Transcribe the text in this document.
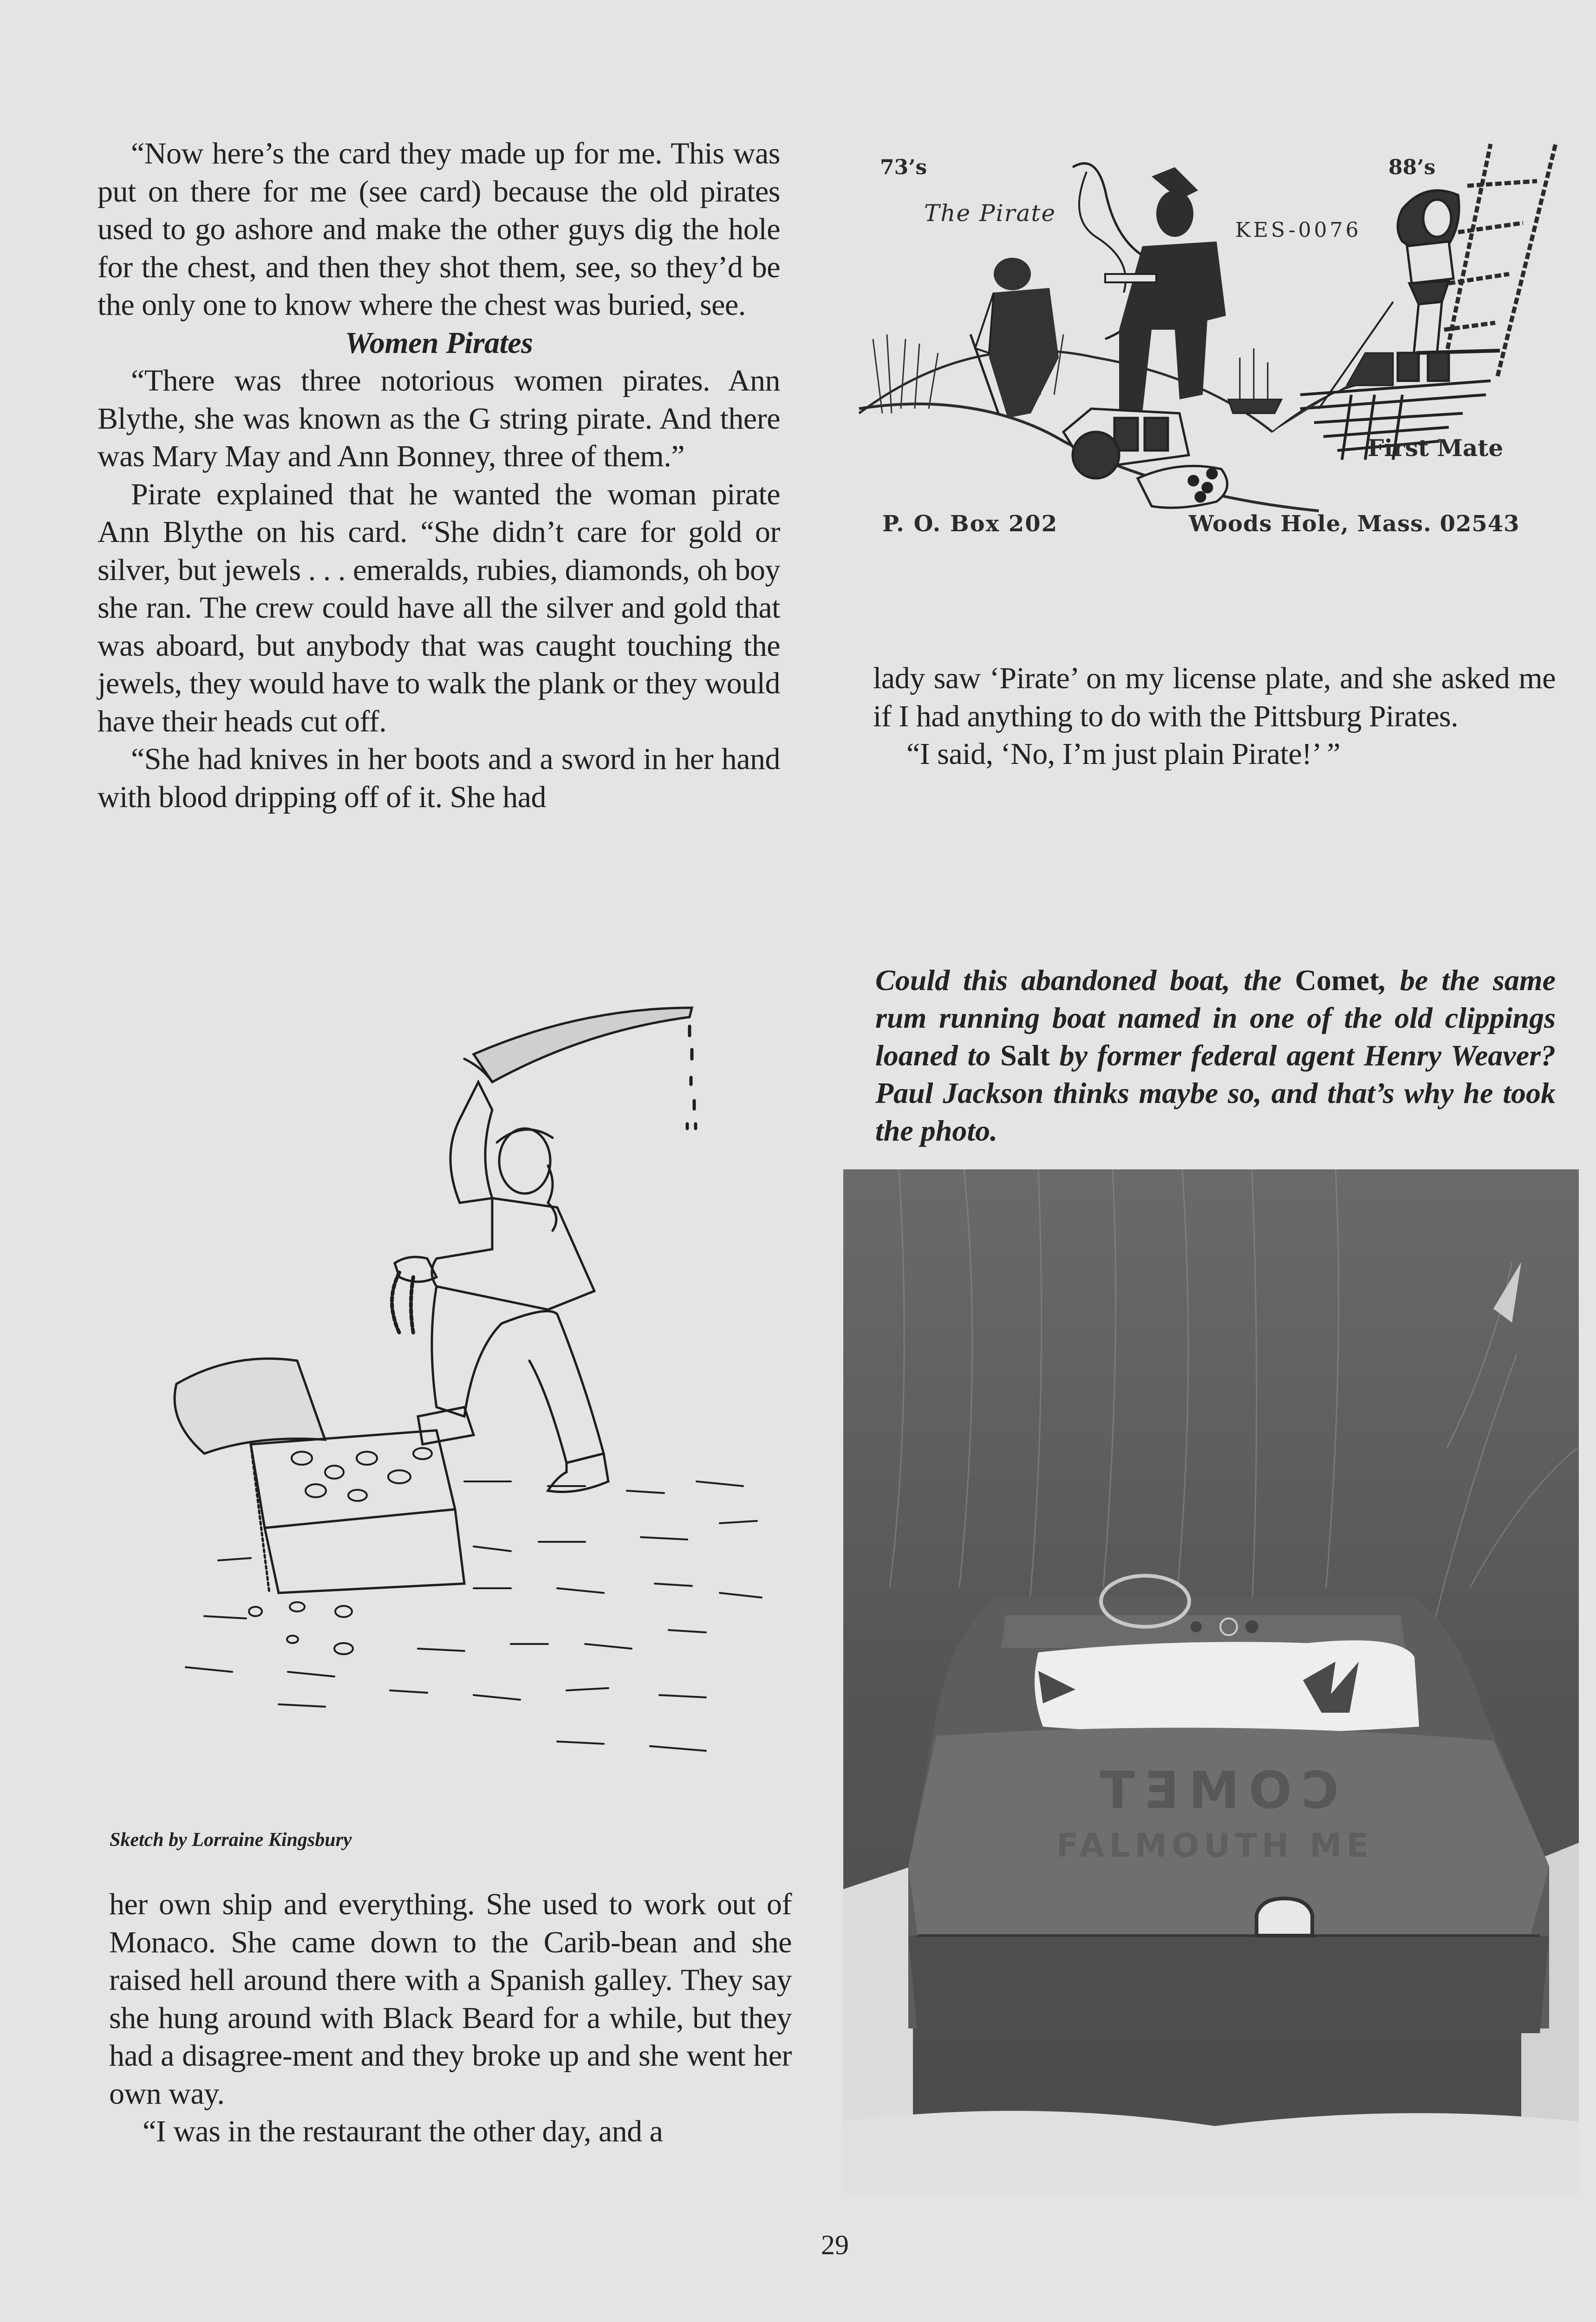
“Now here’s the card they made up for me. This was put on there for me (see card) because the old pirates used to go ashore and make the other guys dig the hole for the chest, and then they shot them, see, so they’d be the only one to know where the chest was buried, see.

Women Pirates

“There was three notorious women pirates. Ann Blythe, she was known as the G string pirate. And there was Mary May and Ann Bonney, three of them.”

Pirate explained that he wanted the woman pirate Ann Blythe on his card. “She didn’t care for gold or silver, but jewels . . . emeralds, rubies, diamonds, oh boy she ran. The crew could have all the silver and gold that was aboard, but anybody that was caught touching the jewels, they would have to walk the plank or they would have their heads cut off.

“She had knives in her boots and a sword in her hand with blood dripping off of it. She had

73’s	88’s
The Pirate
KES-0076
First Mate
P. O. Box 202	Woods Hole, Mass. 02543

lady saw ‘Pirate’ on my license plate, and she asked me if I had anything to do with the Pittsburg Pirates.

“I said, ‘No, I’m just plain Pirate!’ ”

Could this abandoned boat, the Comet, be the same rum running boat named in one of the old clippings loaned to Salt by former federal agent Henry Weaver? Paul Jackson thinks maybe so, and that’s why he took the photo.
Sketch by Lorraine Kingsbury

her own ship and everything. She used to work out of Monaco. She came down to the Carib-bean and she raised hell around there with a Spanish galley. They say she hung around with Black Beard for a while, but they had a disagree-ment and they broke up and she went her own way.

“I was in the restaurant the other day, and a

COMET
FALMOUTH ME
29
